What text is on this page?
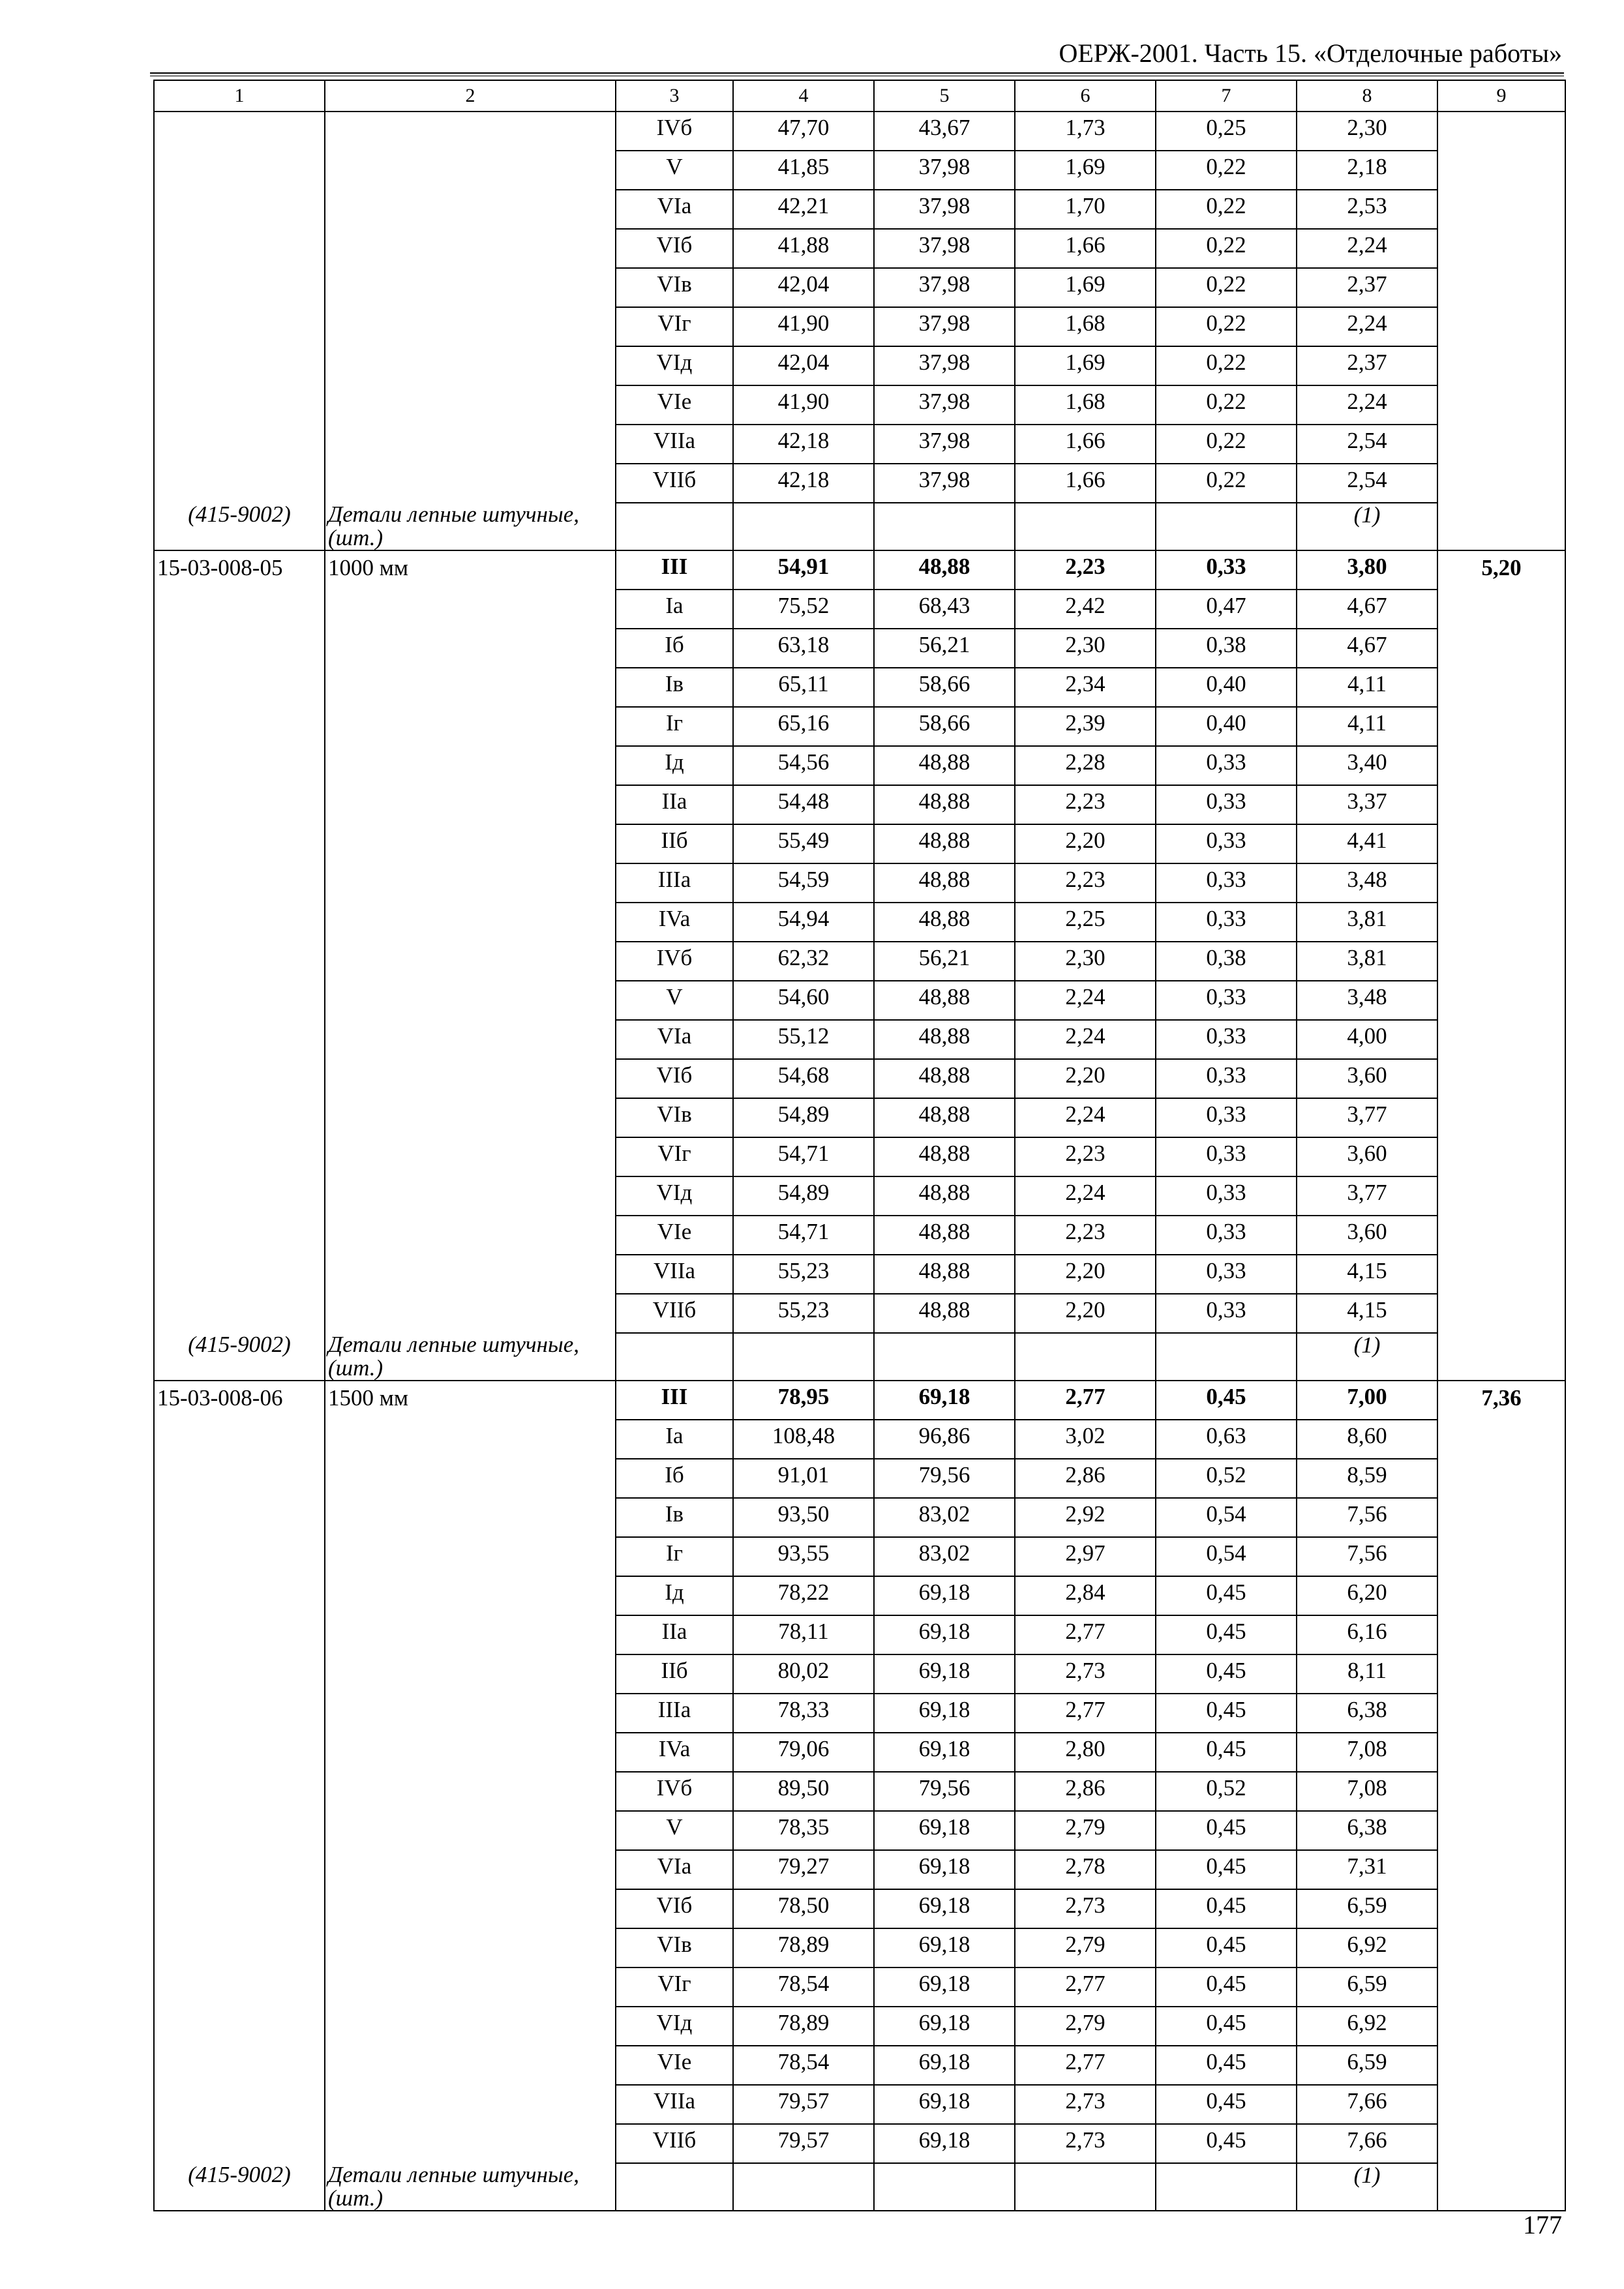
ОЕРЖ-2001. Часть 15. «Отделочные работы»
1	2	3	4	5	6	7	8	9
		IVб	47,70	43,67	1,73	0,25	2,30	
		V	41,85	37,98	1,69	0,22	2,18	
		VIa	42,21	37,98	1,70	0,22	2,53	
		VIб	41,88	37,98	1,66	0,22	2,24	
		VIв	42,04	37,98	1,69	0,22	2,37	
		VIг	41,90	37,98	1,68	0,22	2,24	
		VIд	42,04	37,98	1,69	0,22	2,37	
		VIe	41,90	37,98	1,68	0,22	2,24	
		VIIa	42,18	37,98	1,66	0,22	2,54	
		VIIб	42,18	37,98	1,66	0,22	2,54	
(415-9002)	Детали лепные штучные, (шт.)						(1)	
15-03-008-05	1000 мм	III	54,91	48,88	2,23	0,33	3,80	5,20
		Ia	75,52	68,43	2,42	0,47	4,67	
		Iб	63,18	56,21	2,30	0,38	4,67	
		Iв	65,11	58,66	2,34	0,40	4,11	
		Iг	65,16	58,66	2,39	0,40	4,11	
		Iд	54,56	48,88	2,28	0,33	3,40	
		IIa	54,48	48,88	2,23	0,33	3,37	
		IIб	55,49	48,88	2,20	0,33	4,41	
		IIIa	54,59	48,88	2,23	0,33	3,48	
		IVa	54,94	48,88	2,25	0,33	3,81	
		IVб	62,32	56,21	2,30	0,38	3,81	
		V	54,60	48,88	2,24	0,33	3,48	
		VIa	55,12	48,88	2,24	0,33	4,00	
		VIб	54,68	48,88	2,20	0,33	3,60	
		VIв	54,89	48,88	2,24	0,33	3,77	
		VIг	54,71	48,88	2,23	0,33	3,60	
		VIд	54,89	48,88	2,24	0,33	3,77	
		VIe	54,71	48,88	2,23	0,33	3,60	
		VIIa	55,23	48,88	2,20	0,33	4,15	
		VIIб	55,23	48,88	2,20	0,33	4,15	
(415-9002)	Детали лепные штучные, (шт.)						(1)	
15-03-008-06	1500 мм	III	78,95	69,18	2,77	0,45	7,00	7,36
		Ia	108,48	96,86	3,02	0,63	8,60	
		Iб	91,01	79,56	2,86	0,52	8,59	
		Iв	93,50	83,02	2,92	0,54	7,56	
		Iг	93,55	83,02	2,97	0,54	7,56	
		Iд	78,22	69,18	2,84	0,45	6,20	
		IIa	78,11	69,18	2,77	0,45	6,16	
		IIб	80,02	69,18	2,73	0,45	8,11	
		IIIa	78,33	69,18	2,77	0,45	6,38	
		IVa	79,06	69,18	2,80	0,45	7,08	
		IVб	89,50	79,56	2,86	0,52	7,08	
		V	78,35	69,18	2,79	0,45	6,38	
		VIa	79,27	69,18	2,78	0,45	7,31	
		VIб	78,50	69,18	2,73	0,45	6,59	
		VIв	78,89	69,18	2,79	0,45	6,92	
		VIг	78,54	69,18	2,77	0,45	6,59	
		VIд	78,89	69,18	2,79	0,45	6,92	
		VIe	78,54	69,18	2,77	0,45	6,59	
		VIIa	79,57	69,18	2,73	0,45	7,66	
		VIIб	79,57	69,18	2,73	0,45	7,66	
(415-9002)	Детали лепные штучные, (шт.)						(1)	
177
